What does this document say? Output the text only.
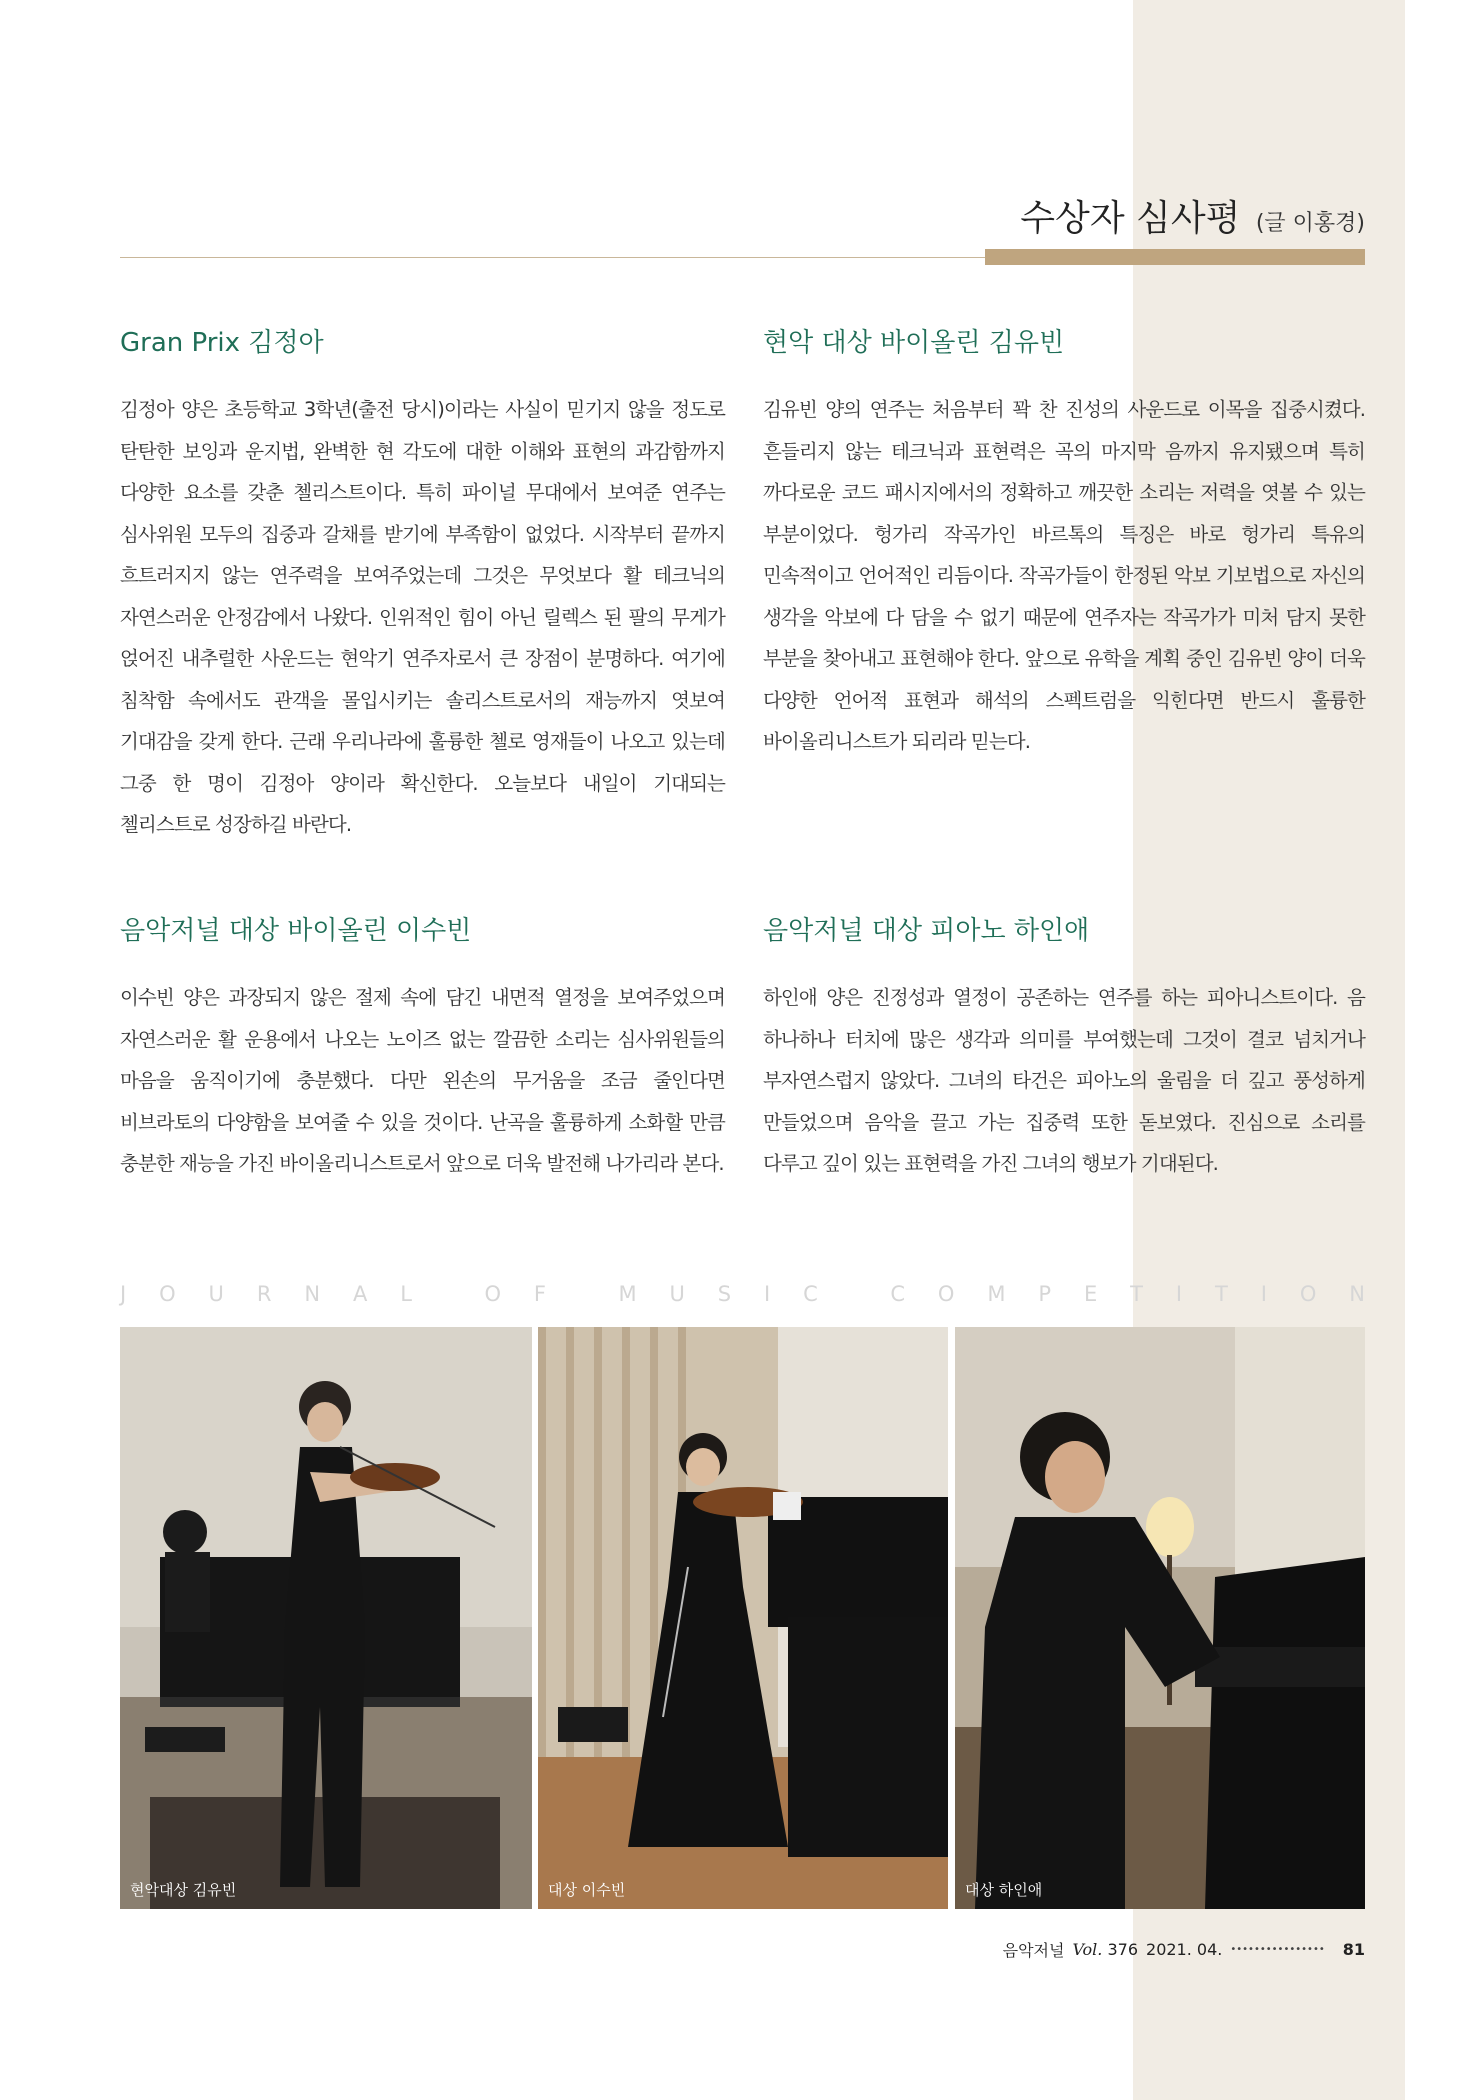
수상자 심사평 (글 이홍경)
Gran Prix 김정아

김정아 양은 초등학교 3학년(출전 당시)이라는 사실이 믿기지 않을 정도로 탄탄한 보잉과 운지법, 완벽한 현 각도에 대한 이해와 표현의 과감함까지 다양한 요소를 갖춘 첼리스트이다. 특히 파이널 무대에서 보여준 연주는 심사위원 모두의 집중과 갈채를 받기에 부족함이 없었다. 시작부터 끝까지 흐트러지지 않는 연주력을 보여주었는데 그것은 무엇보다 활 테크닉의 자연스러운 안정감에서 나왔다. 인위적인 힘이 아닌 릴렉스 된 팔의 무게가 얹어진 내추럴한 사운드는 현악기 연주자로서 큰 장점이 분명하다. 여기에 침착함 속에서도 관객을 몰입시키는 솔리스트로서의 재능까지 엿보여 기대감을 갖게 한다. 근래 우리나라에 훌륭한 첼로 영재들이 나오고 있는데 그중 한 명이 김정아 양이라 확신한다. 오늘보다 내일이 기대되는 첼리스트로 성장하길 바란다.

현악 대상 바이올린 김유빈

김유빈 양의 연주는 처음부터 꽉 찬 진성의 사운드로 이목을 집중시켰다. 흔들리지 않는 테크닉과 표현력은 곡의 마지막 음까지 유지됐으며 특히 까다로운 코드 패시지에서의 정확하고 깨끗한 소리는 저력을 엿볼 수 있는 부분이었다. 헝가리 작곡가인 바르톡의 특징은 바로 헝가리 특유의 민속적이고 언어적인 리듬이다. 작곡가들이 한정된 악보 기보법으로 자신의 생각을 악보에 다 담을 수 없기 때문에 연주자는 작곡가가 미처 담지 못한 부분을 찾아내고 표현해야 한다. 앞으로 유학을 계획 중인 김유빈 양이 더욱 다양한 언어적 표현과 해석의 스펙트럼을 익힌다면 반드시 훌륭한 바이올리니스트가 되리라 믿는다.

음악저널 대상 바이올린 이수빈

이수빈 양은 과장되지 않은 절제 속에 담긴 내면적 열정을 보여주었으며 자연스러운 활 운용에서 나오는 노이즈 없는 깔끔한 소리는 심사위원들의 마음을 움직이기에 충분했다. 다만 왼손의 무거움을 조금 줄인다면 비브라토의 다양함을 보여줄 수 있을 것이다. 난곡을 훌륭하게 소화할 만큼 충분한 재능을 가진 바이올리니스트로서 앞으로 더욱 발전해 나가리라 본다.

음악저널 대상 피아노 하인애

하인애 양은 진정성과 열정이 공존하는 연주를 하는 피아니스트이다. 음 하나하나 터치에 많은 생각과 의미를 부여했는데 그것이 결코 넘치거나 부자연스럽지 않았다. 그녀의 타건은 피아노의 울림을 더 깊고 풍성하게 만들었으며 음악을 끌고 가는 집중력 또한 돋보였다. 진심으로 소리를 다루고 깊이 있는 표현력을 가진 그녀의 행보가 기대된다.

J O U R N A L
	O F
	M U S I C
	C O M P E T I T I O N
현악대상 김유빈	대상 이수빈	대상 하인애
음악저널 Vol. 376 2021. 04. •••••••••••••••• 81
